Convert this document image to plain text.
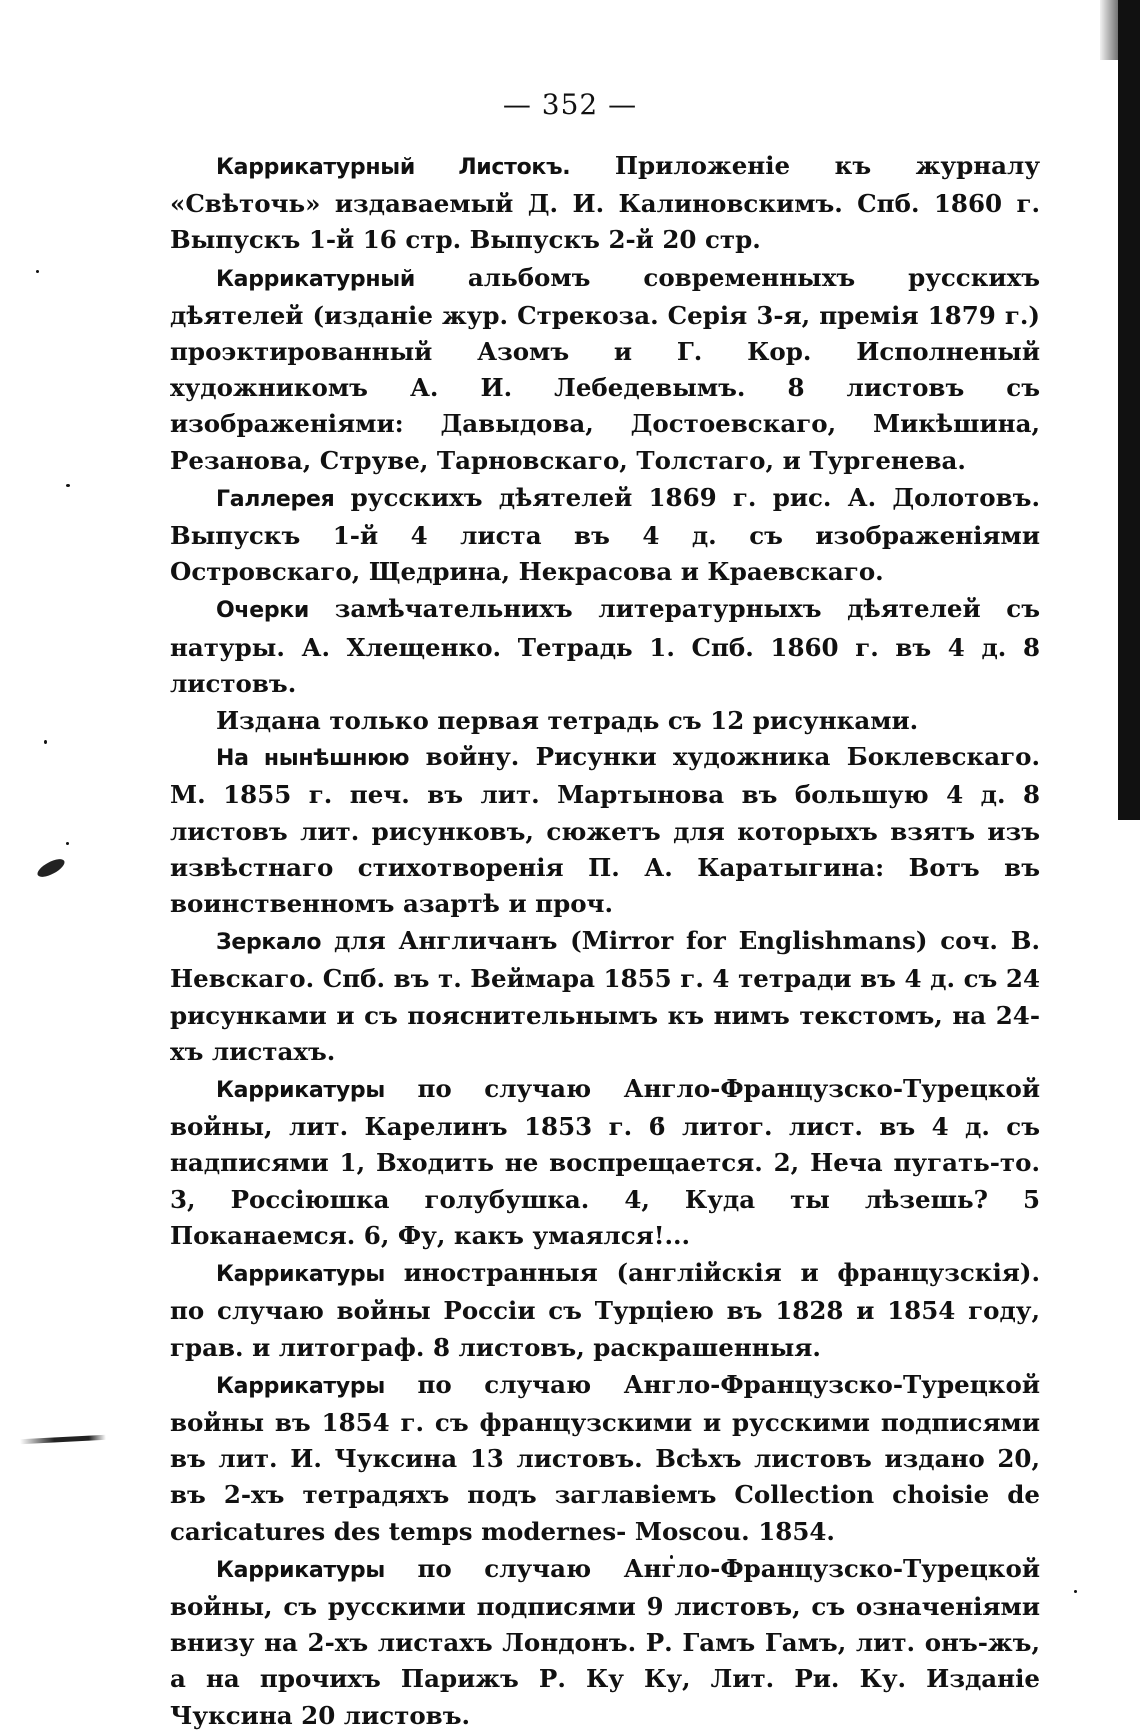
— 352 —

Каррикатурный Листокъ. Приложеніе къ журналу «Свѣточь» издаваемый Д. И. Калиновскимъ. Спб. 1860 г. Выпускъ 1-й 16 стр. Выпускъ 2-й 20 стр.

Каррикатурный альбомъ современныхъ русскихъ дѣятелей (изданіе жур. Стрекоза. Серія 3-я, премія 1879 г.) проэктированный Азомъ и Г. Кор. Исполненый художникомъ А. И. Лебедевымъ. 8 листовъ съ изображеніями: Давыдова, Достоевскаго, Микѣшина, Резанова, Струве, Тарновскаго, Толстаго, и Тургенева.

Галлерея русскихъ дѣятелей 1869 г. рис. А. Долотовъ. Выпускъ 1-й 4 листа въ 4 д. съ изображеніями Островскаго, Щедрина, Некрасова и Краевскаго.

Очерки замѣчательнихъ литературныхъ дѣятелей съ натуры. А. Хлещенко. Тетрадь 1. Спб. 1860 г. въ 4 д. 8 листовъ.

Издана только первая тетрадь съ 12 рисунками.

На нынѣшнюю войну. Рисунки художника Боклевскаго. М. 1855 г. печ. въ лит. Мартынова въ большую 4 д. 8 листовъ лит. рисунковъ, сюжетъ для которыхъ взятъ изъ извѣстнаго стихотворенія П. А. Каратыгина: Вотъ въ воинственномъ азартѣ и проч.

Зеркало для Англичанъ (Mirror for Englishmans) соч. В. Невскаго. Спб. въ т. Веймара 1855 г. 4 тетради въ 4 д. съ 24 рисунками и съ пояснительнымъ къ нимъ текстомъ, на 24-хъ листахъ.

Каррикатуры по случаю Англо-Французско-Турецкой войны, лит. Карелинъ 1853 г. 6 литог. лист. въ 4 д. съ надписями 1, Входить не воспрещается. 2, Неча пугать-то. 3, Россіюшка голубушка. 4, Куда ты лѣзешь? 5 Поканаемся. 6, Фу, какъ умаялся!...

Каррикатуры иностранныя (англійскія и французскія). по случаю войны Россіи съ Турціею въ 1828 и 1854 году, грав. и литограф. 8 листовъ, раскрашенныя.

Каррикатуры по случаю Англо-Французско-Турецкой войны въ 1854 г. съ французскими и русскими подписями въ лит. И. Чуксина 13 листовъ. Всѣхъ листовъ издано 20, въ 2-хъ тетрадяхъ подъ заглавіемъ Collection choisie de caricatures des temps modernes- Moscou. 1854.

Каррикатуры по случаю Англо-Французско-Турецкой войны, съ русскими подписями 9 листовъ, съ означеніями внизу на 2-хъ листахъ Лондонъ. Р. Гамъ Гамъ, лит. онъ-жъ, а на прочихъ Парижъ Р. Ку Ку, Лит. Ри. Ку. Изданіе Чуксина 20 листовъ.
